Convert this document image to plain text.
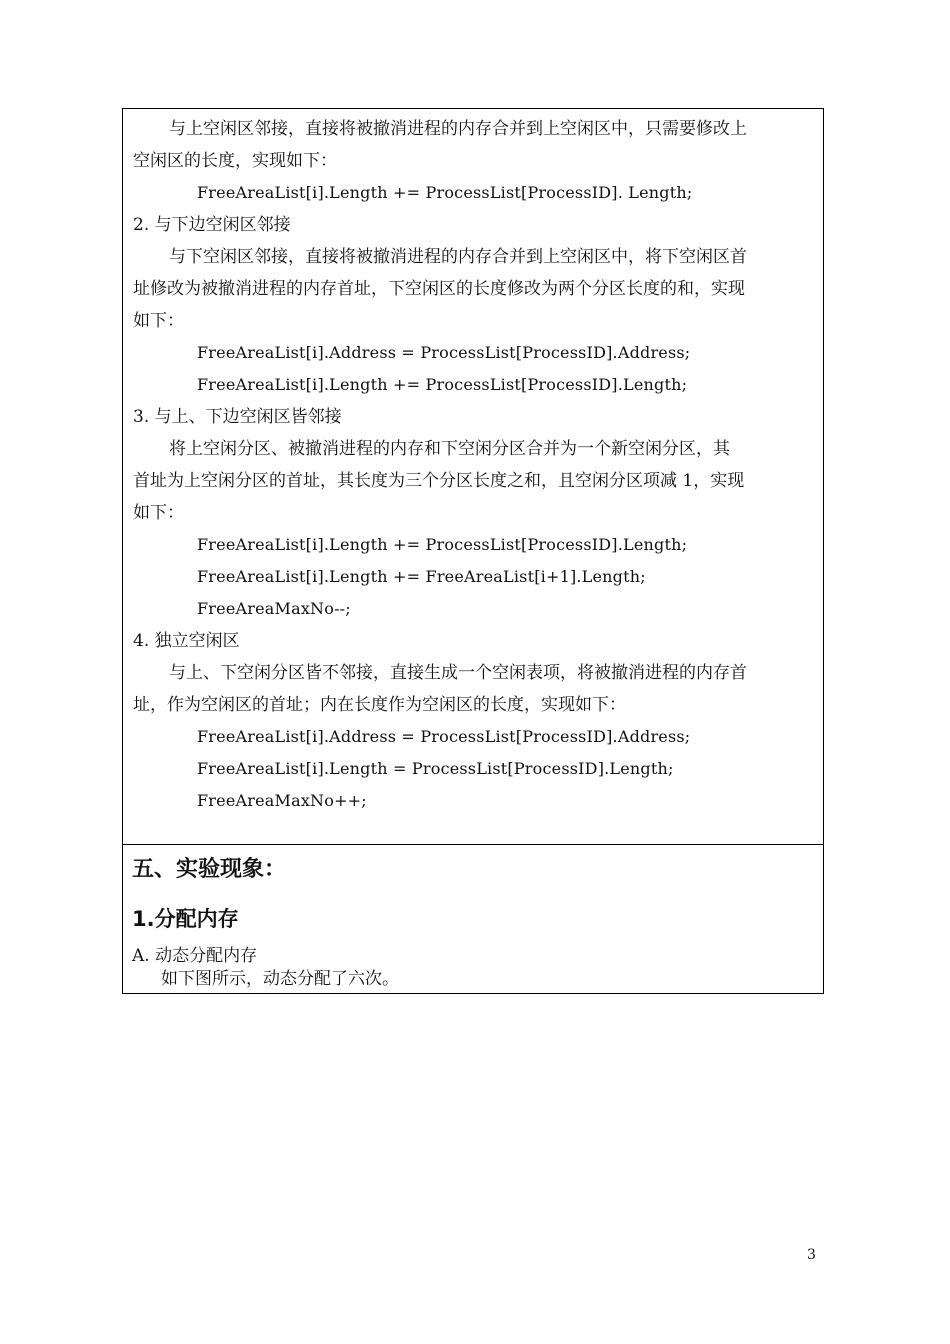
与上空闲区邻接，直接将被撤消进程的内存合并到上空闲区中，只需要修改上
空闲区的长度，实现如下：
FreeAreaList[i].Length += ProcessList[ProcessID]. Length;
2. 与下边空闲区邻接
与下空闲区邻接，直接将被撤消进程的内存合并到上空闲区中，将下空闲区首
址修改为被撤消进程的内存首址，下空闲区的长度修改为两个分区长度的和，实现
如下：
FreeAreaList[i].Address = ProcessList[ProcessID].Address;
FreeAreaList[i].Length += ProcessList[ProcessID].Length;
3. 与上、下边空闲区皆邻接
将上空闲分区、被撤消进程的内存和下空闲分区合并为一个新空闲分区，其
首址为上空闲分区的首址，其长度为三个分区长度之和，且空闲分区项减 1，实现
如下：
FreeAreaList[i].Length += ProcessList[ProcessID].Length;
FreeAreaList[i].Length += FreeAreaList[i+1].Length;
FreeAreaMaxNo--;
4. 独立空闲区
与上、下空闲分区皆不邻接，直接生成一个空闲表项，将被撤消进程的内存首
址，作为空闲区的首址；内在长度作为空闲区的长度，实现如下：
FreeAreaList[i].Address = ProcessList[ProcessID].Address;
FreeAreaList[i].Length = ProcessList[ProcessID].Length;
FreeAreaMaxNo++;
五、实验现象：
1.分配内存
A. 动态分配内存
如下图所示，动态分配了六次。
3
